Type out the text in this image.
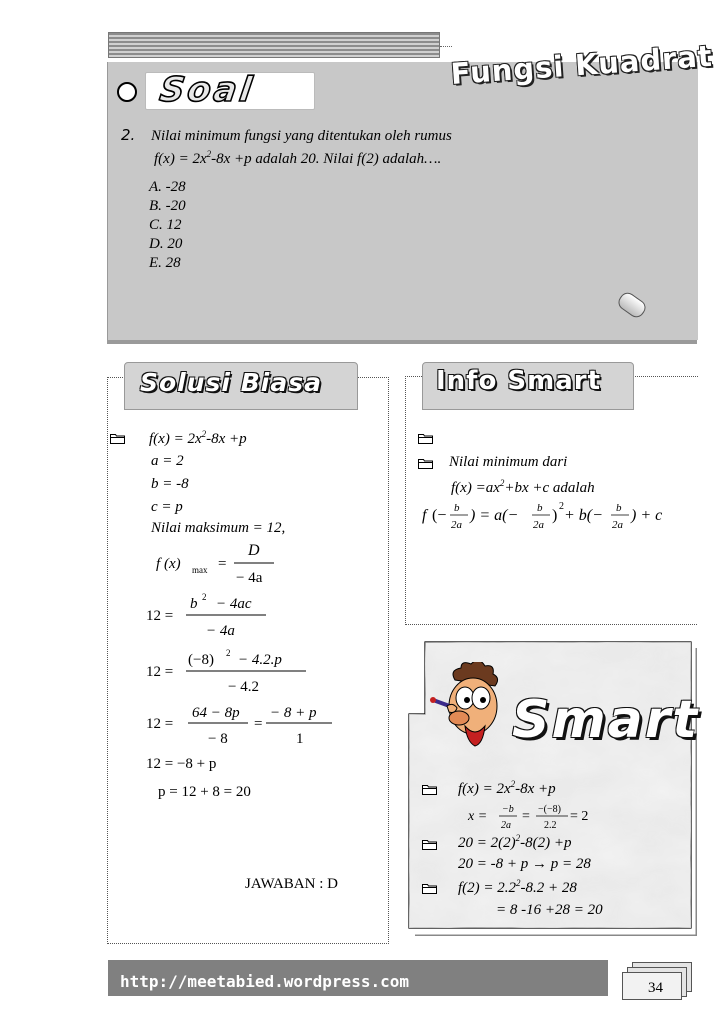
Soal	Fungsi Kuadrat
2. Nilai minimum fungsi yang ditentukan oleh rumus
$f(x) = 2x^2-8x +p$ adalah 20. Nilai f(2) adalah….
A. -28
B. -20
C. 12
D. 20
E. 28
Solusi Biasa
$f(x) = 2x^2-8x +p$
a = 2
b = -8
c = p
Nilai maksimum = 12,
f (x) max =
D
− 4a
12 =
b 2 − 4ac
− 4a
12 =
(−8) 2 − 4.2.p
− 4.2
12 =
64 − 8p
− 8
=
− 8 + p
1
12 = −8 + p
p = 12 + 8 = 20
JAWABAN : D
Info Smart
Nilai minimum dari
$f(x) =ax^2+bx +c$ adalah
f (− b
2a
) = a(− b
2a
)
2
+ b(− b
2a
) + c
Smart
$f(x) = 2x^2-8x +p$
x = −b
2a
= −(−8)
2.2
= 2
$20 = 2(2)^2-8(2) +p$
20 = -8 + p → p = 28
$f(2) = 2.2^2-8.2 + 28$
= 8 -16 +28 = 20
http://meetabied.wordpress.com	34
